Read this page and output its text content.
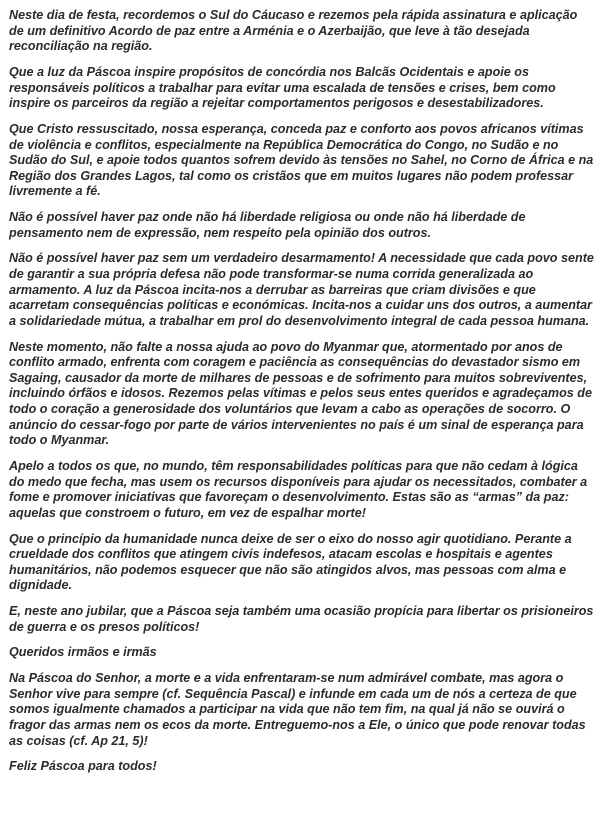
Neste dia de festa, recordemos o Sul do Cáucaso e rezemos pela rápida assinatura e aplicação de um definitivo Acordo de paz entre a Arménia e o Azerbaijão, que leve à tão desejada reconciliação na região.

Que a luz da Páscoa inspire propósitos de concórdia nos Balcãs Ocidentais e apoie os responsáveis políticos a trabalhar para evitar uma escalada de tensões e crises, bem como inspire os parceiros da região a rejeitar comportamentos perigosos e desestabilizadores.

Que Cristo ressuscitado, nossa esperança, conceda paz e conforto aos povos africanos vítimas de violência e conflitos, especialmente na República Democrática do Congo, no Sudão e no Sudão do Sul, e apoie todos quantos sofrem devido às tensões no Sahel, no Corno de África e na Região dos Grandes Lagos, tal como os cristãos que em muitos lugares não podem professar livremente a fé.

Não é possível haver paz onde não há liberdade religiosa ou onde não há liberdade de pensamento nem de expressão, nem respeito pela opinião dos outros.

Não é possível haver paz sem um verdadeiro desarmamento! A necessidade que cada povo sente de garantir a sua própria defesa não pode transformar-se numa corrida generalizada ao armamento. A luz da Páscoa incita-nos a derrubar as barreiras que criam divisões e que acarretam consequências políticas e económicas. Incita-nos a cuidar uns dos outros, a aumentar a solidariedade mútua, a trabalhar em prol do desenvolvimento integral de cada pessoa humana.

Neste momento, não falte a nossa ajuda ao povo do Myanmar que, atormentado por anos de conflito armado, enfrenta com coragem e paciência as consequências do devastador sismo em Sagaing, causador da morte de milhares de pessoas e de sofrimento para muitos sobreviventes, incluindo órfãos e idosos. Rezemos pelas vítimas e pelos seus entes queridos e agradeçamos de todo o coração a generosidade dos voluntários que levam a cabo as operações de socorro. O anúncio do cessar-fogo por parte de vários intervenientes no país é um sinal de esperança para todo o Myanmar.

Apelo a todos os que, no mundo, têm responsabilidades políticas para que não cedam à lógica do medo que fecha, mas usem os recursos disponíveis para ajudar os necessitados, combater a fome e promover iniciativas que favoreçam o desenvolvimento. Estas são as “armas” da paz: aquelas que constroem o futuro, em vez de espalhar morte!

Que o princípio da humanidade nunca deixe de ser o eixo do nosso agir quotidiano. Perante a crueldade dos conflitos que atingem civis indefesos, atacam escolas e hospitais e agentes humanitários, não podemos esquecer que não são atingidos alvos, mas pessoas com alma e dignidade.

E, neste ano jubilar, que a Páscoa seja também uma ocasião propícia para libertar os prisioneiros de guerra e os presos políticos!

Queridos irmãos e irmãs

Na Páscoa do Senhor, a morte e a vida enfrentaram-se num admirável combate, mas agora o Senhor vive para sempre (cf. Sequência Pascal) e infunde em cada um de nós a certeza de que somos igualmente chamados a participar na vida que não tem fim, na qual já não se ouvirá o fragor das armas nem os ecos da morte. Entreguemo-nos a Ele, o único que pode renovar todas as coisas (cf. Ap 21, 5)!

Feliz Páscoa para todos!
